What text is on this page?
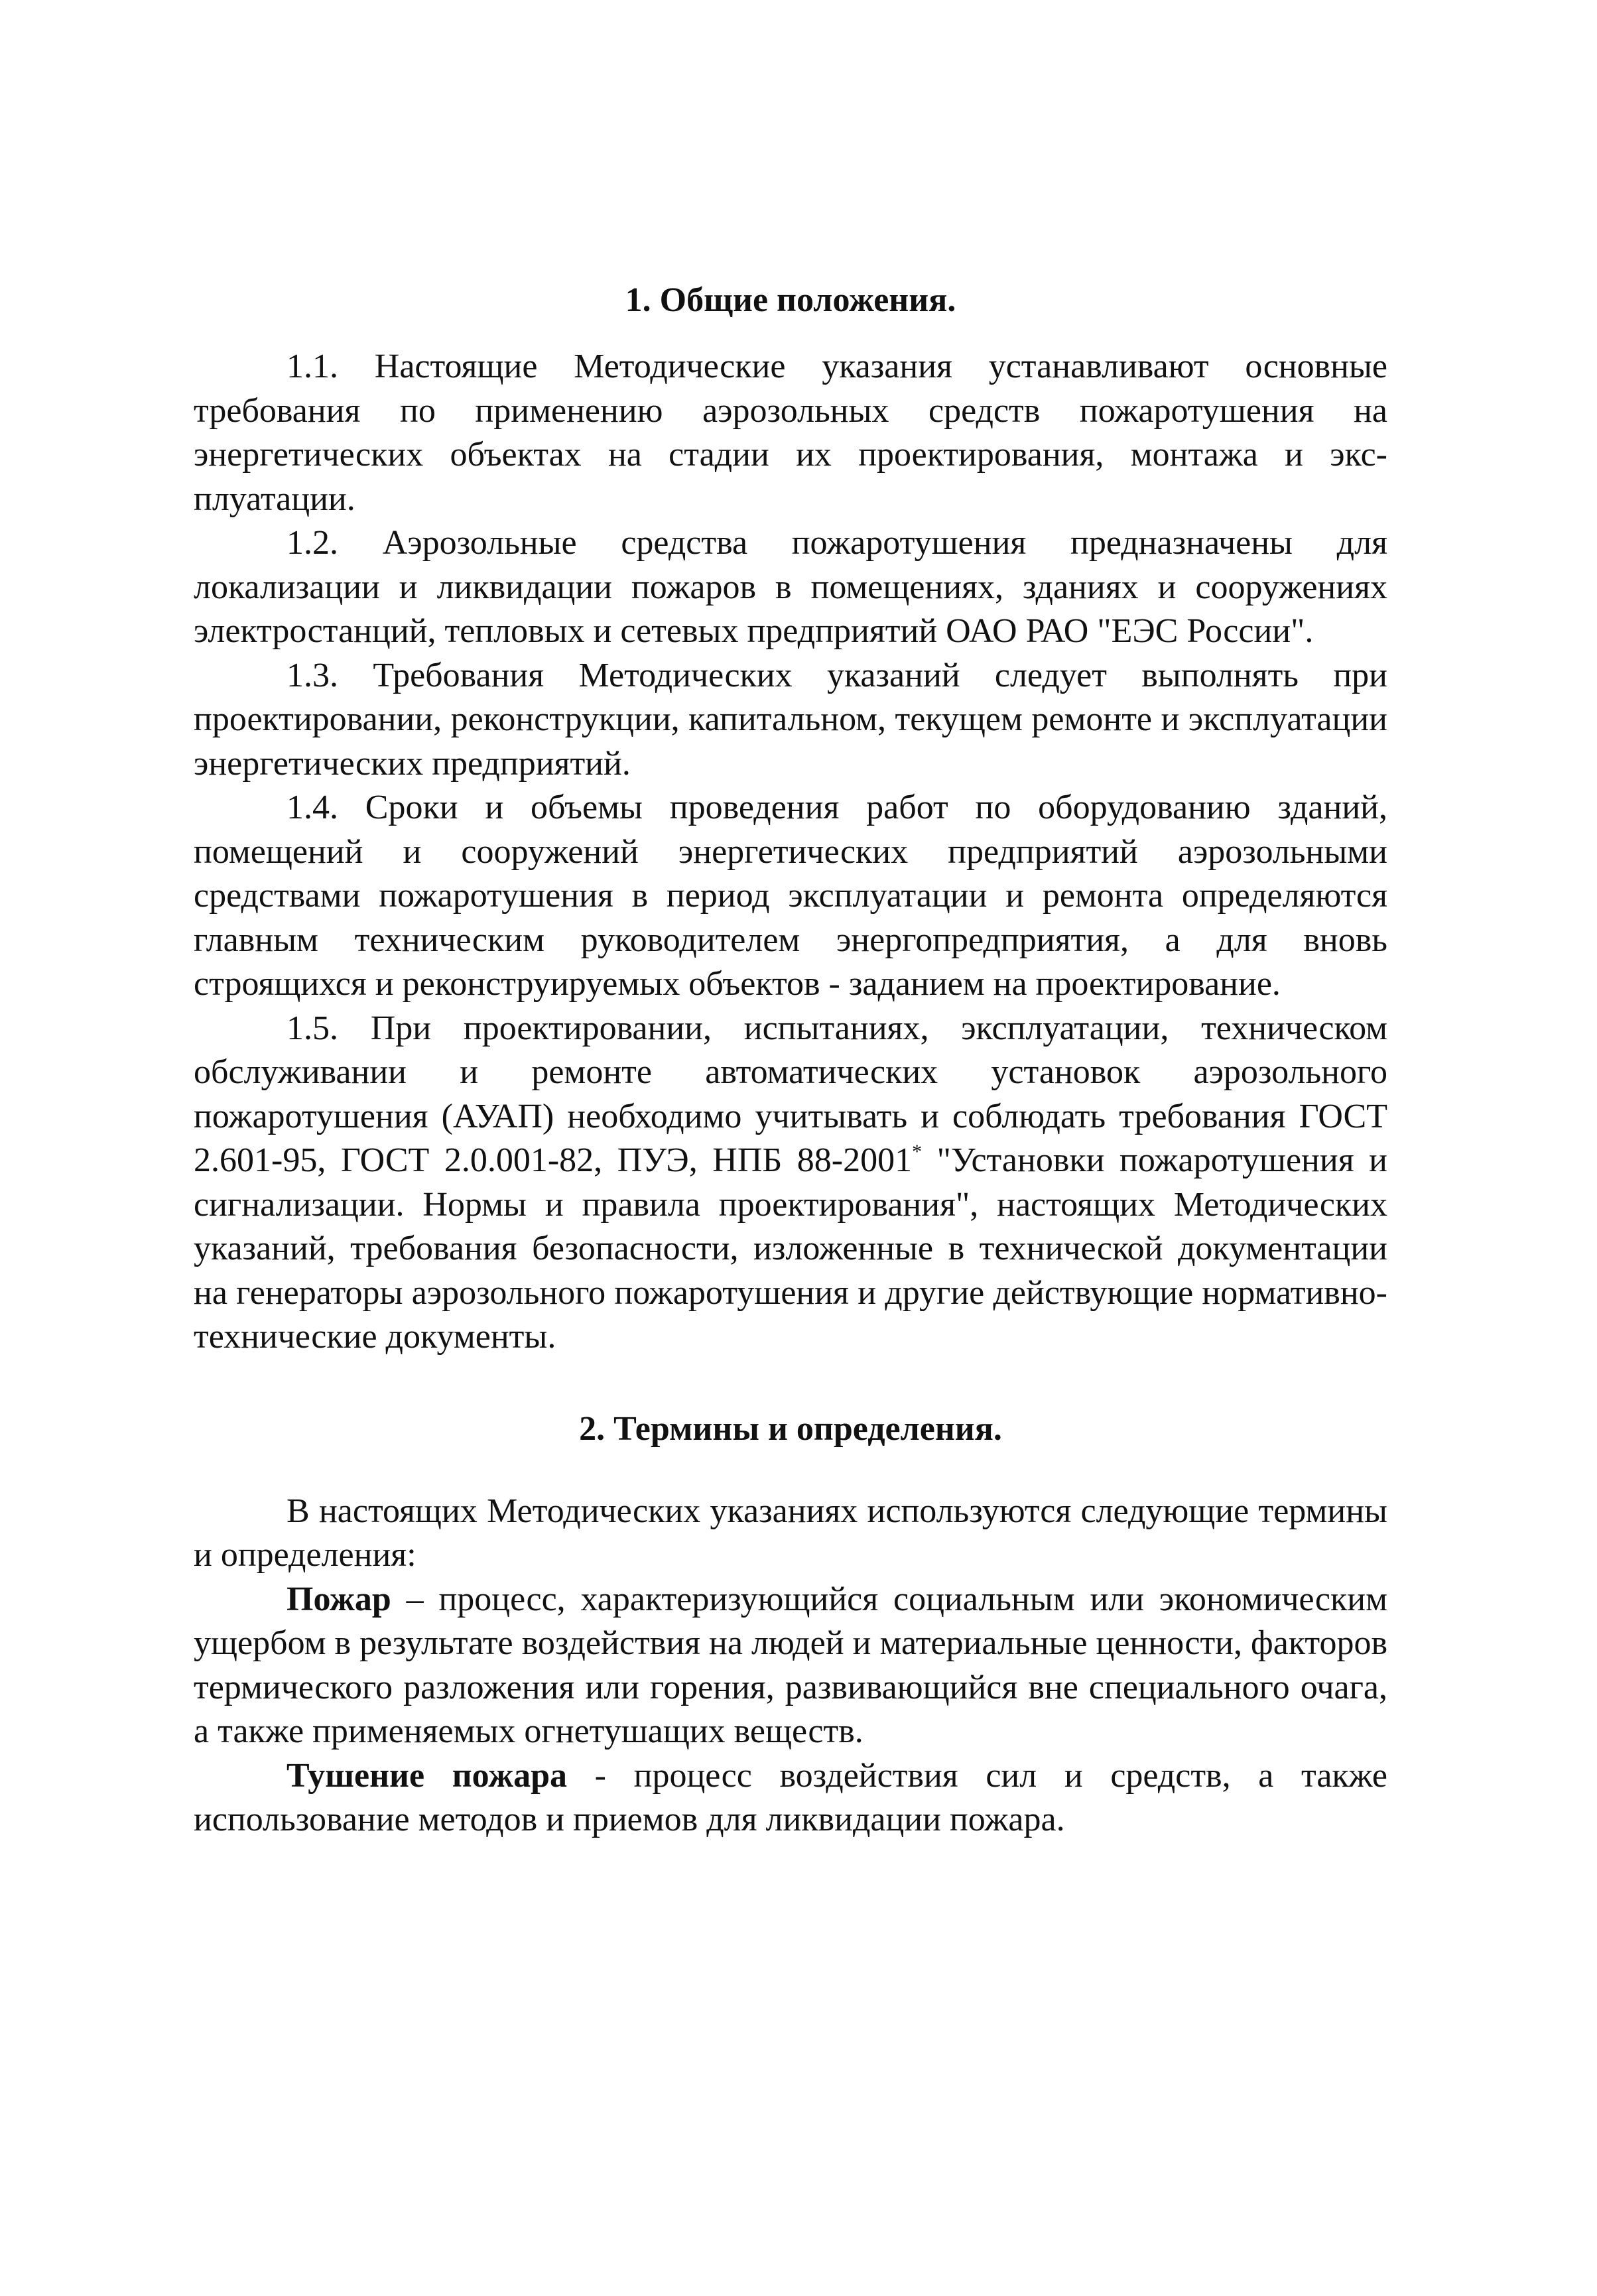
1. Общие положения.

1.1. Настоящие Методические указания устанавливают основные требования по применению аэрозольных средств пожаротушения на энергетических объектах на стадии их проектирования, монтажа и эксплуатации.

1.2. Аэрозольные средства пожаротушения предназначены для локализации и ликвидации пожаров в помещениях, зданиях и сооружениях электростанций, тепловых и сетевых предприятий ОАО РАО "ЕЭС России".

1.3. Требования Методических указаний следует выполнять при проектировании, реконструкции, капитальном, текущем ремонте и эксплуатации энергетических предприятий.

1.4. Сроки и объемы проведения работ по оборудованию зданий, помещений и сооружений энергетических предприятий аэрозольными средствами пожаротушения в период эксплуатации и ремонта определяются главным техническим руководителем энергопредприятия, а для вновь строящихся и реконструируемых объектов - заданием на проектирование.

1.5. При проектировании, испытаниях, эксплуатации, техническом обслуживании и ремонте автоматических установок аэрозольного пожаротушения (АУАП) необходимо учитывать и соблюдать требования ГОСТ 2.601-95, ГОСТ 2.0.001-82, ПУЭ, НПБ 88-2001* "Установки пожаротушения и сигнализации. Нормы и правила проектирования", настоящих Методических указаний, требования безопасности, изложенные в технической документации на генераторы аэрозольного пожаротушения и другие действующие нормативно-технические документы.

2. Термины и определения.

В настоящих Методических указаниях используются следующие термины и определения:

Пожар – процесс, характеризующийся социальным или экономическим ущербом в результате воздействия на людей и материальные ценности, факторов термического разложения или горения, развивающийся вне специального очага, а также применяемых огнетушащих веществ.

Тушение пожара - процесс воздействия сил и средств, а также использование методов и приемов для ликвидации пожара.
